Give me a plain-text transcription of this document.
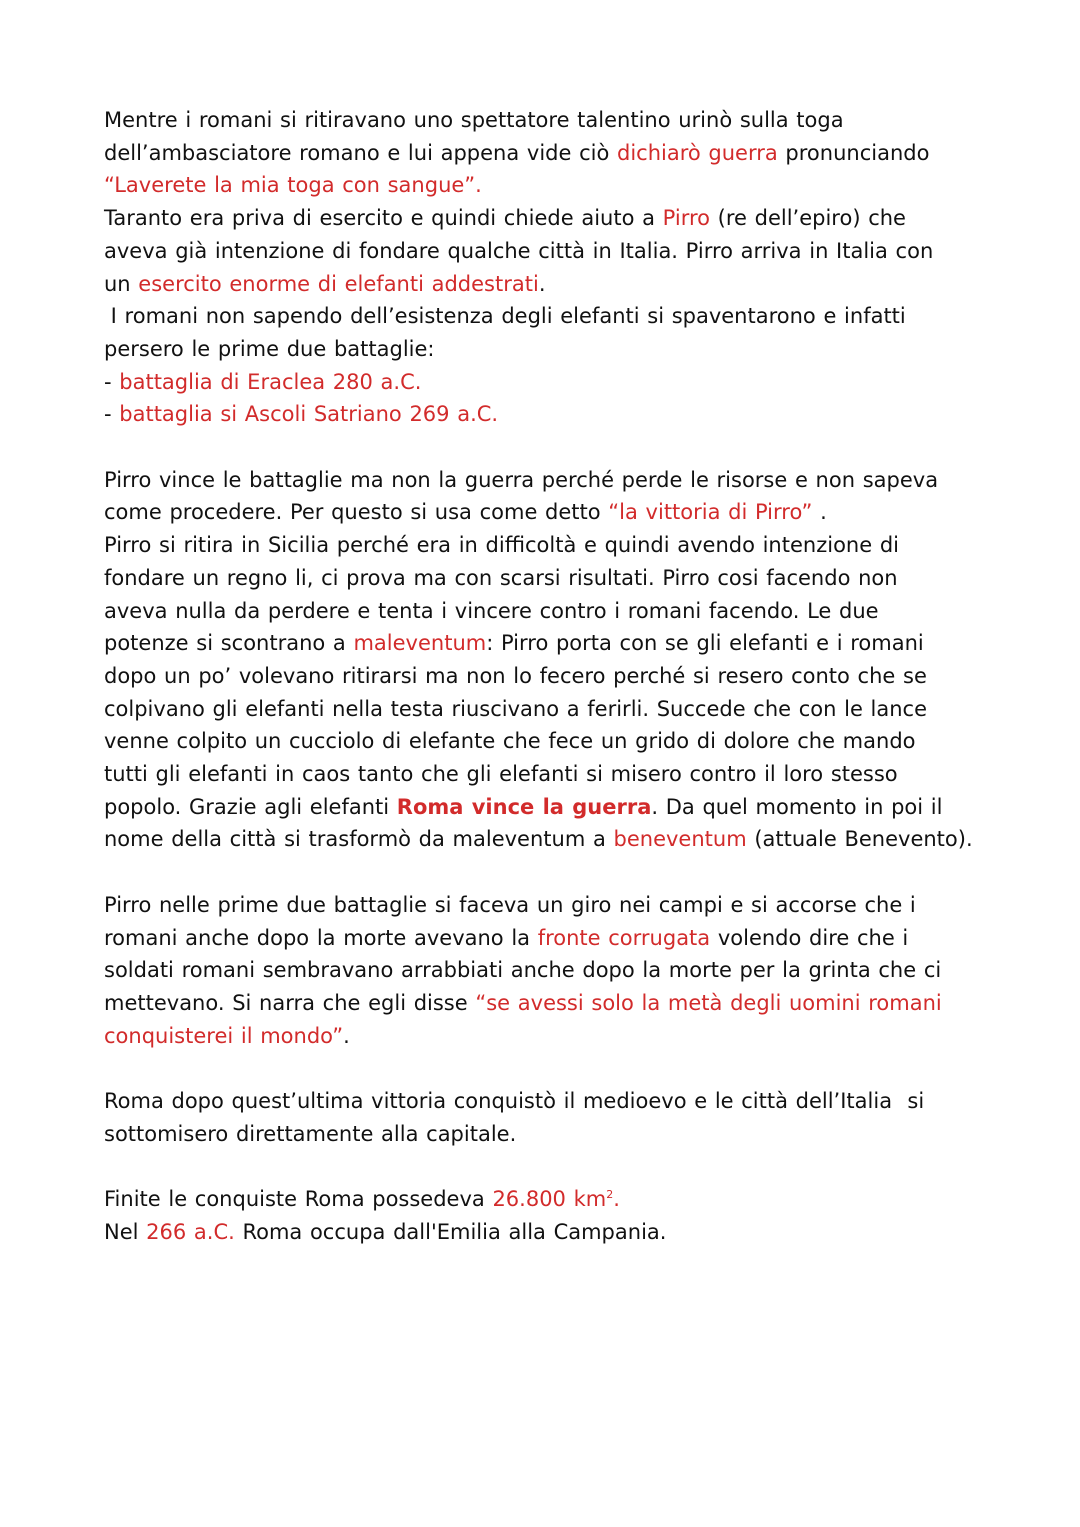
Mentre i romani si ritiravano uno spettatore talentino urinò sulla toga
dell’ambasciatore romano e lui appena vide ciò dichiarò guerra pronunciando
“Laverete la mia toga con sangue”.
Taranto era priva di esercito e quindi chiede aiuto a Pirro (re dell’epiro) che
aveva già intenzione di fondare qualche città in Italia. Pirro arriva in Italia con
un esercito enorme di elefanti addestrati.
I romani non sapendo dell’esistenza degli elefanti si spaventarono e infatti
persero le prime due battaglie:
- battaglia di Eraclea 280 a.C.
- battaglia si Ascoli Satriano 269 a.C.
Pirro vince le battaglie ma non la guerra perché perde le risorse e non sapeva
come procedere. Per questo si usa come detto “la vittoria di Pirro” .
Pirro si ritira in Sicilia perché era in difficoltà e quindi avendo intenzione di
fondare un regno li, ci prova ma con scarsi risultati. Pirro cosi facendo non
aveva nulla da perdere e tenta i vincere contro i romani facendo. Le due
potenze si scontrano a maleventum: Pirro porta con se gli elefanti e i romani
dopo un po’ volevano ritirarsi ma non lo fecero perché si resero conto che se
colpivano gli elefanti nella testa riuscivano a ferirli. Succede che con le lance
venne colpito un cucciolo di elefante che fece un grido di dolore che mando
tutti gli elefanti in caos tanto che gli elefanti si misero contro il loro stesso
popolo. Grazie agli elefanti Roma vince la guerra. Da quel momento in poi il
nome della città si trasformò da maleventum a beneventum (attuale Benevento).
Pirro nelle prime due battaglie si faceva un giro nei campi e si accorse che i
romani anche dopo la morte avevano la fronte corrugata volendo dire che i
soldati romani sembravano arrabbiati anche dopo la morte per la grinta che ci
mettevano. Si narra che egli disse “se avessi solo la metà degli uomini romani
conquisterei il mondo”.
Roma dopo quest’ultima vittoria conquistò il medioevo e le città dell’Italia  si
sottomisero direttamente alla capitale.
Finite le conquiste Roma possedeva 26.800 $km^2$.
Nel 266 a.C. Roma occupa dall'Emilia alla Campania.
